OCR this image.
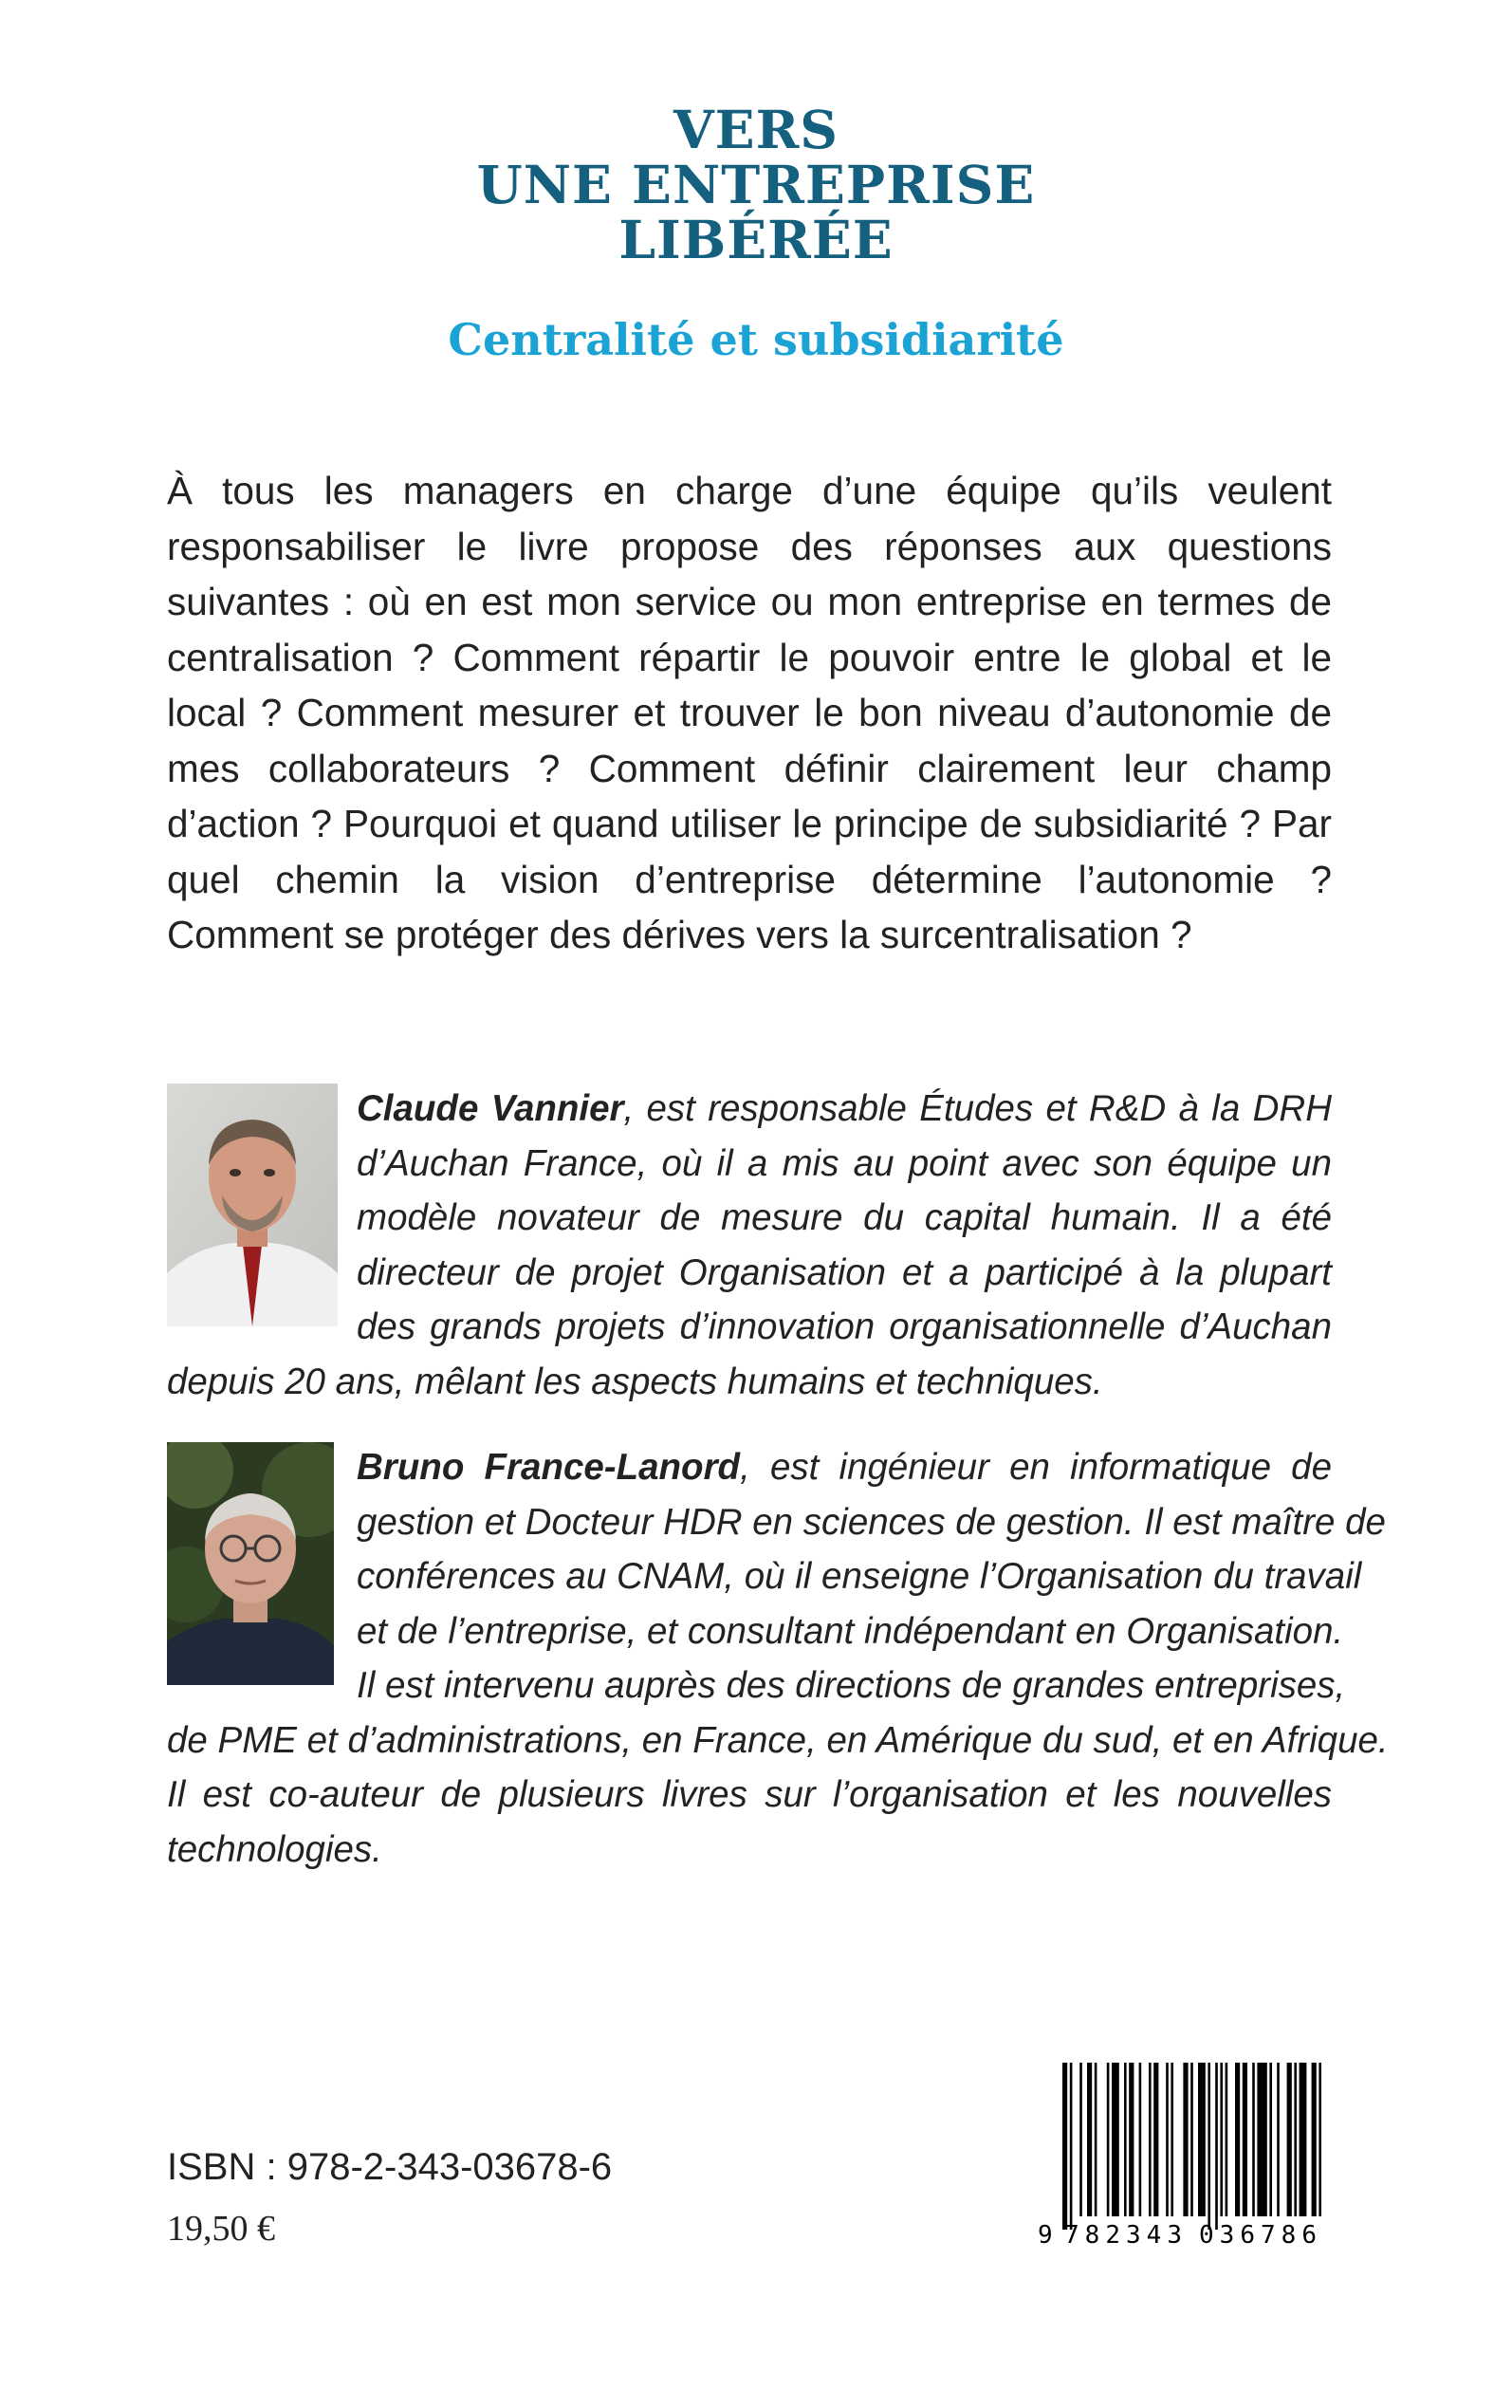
VERS
UNE ENTREPRISE
LIBÉRÉE
Centralité et subsidiarité
À tous les managers en charge d’une équipe qu’ils veulent responsabiliser le livre propose des réponses aux questions suivantes : où en est mon service ou mon entreprise en termes de centralisation ? Comment répartir le pouvoir entre le global et le local ? Comment mesurer et trouver le bon niveau d’autonomie de mes collaborateurs ? Comment définir clairement leur champ d’action ? Pourquoi et quand utiliser le principe de subsidiarité ? Par quel chemin la vision d’entreprise détermine l’autonomie ? Comment se protéger des dérives vers la surcentralisation ?
Claude Vannier, est responsable Études et R&D à la DRH
d’Auchan France, où il a mis au point avec son équipe un
modèle novateur de mesure du capital humain. Il a été
directeur de projet Organisation et a participé à la plupart
des grands projets d’innovation organisationnelle d’Auchan
depuis 20 ans, mêlant les aspects humains et techniques.
Bruno France-Lanord, est ingénieur en informatique de
gestion et Docteur HDR en sciences de gestion. Il est maître de
conférences au CNAM, où il enseigne l’Organisation du travail
et de l’entreprise, et consultant indépendant en Organisation.
Il est intervenu auprès des directions de grandes entreprises,
de PME et d’administrations, en France, en Amérique du sud, et en Afrique.
Il est co-auteur de plusieurs livres sur l’organisation et les nouvelles
technologies.
ISBN : 978-2-343-03678-6
19,50 €	9 782343 036786
